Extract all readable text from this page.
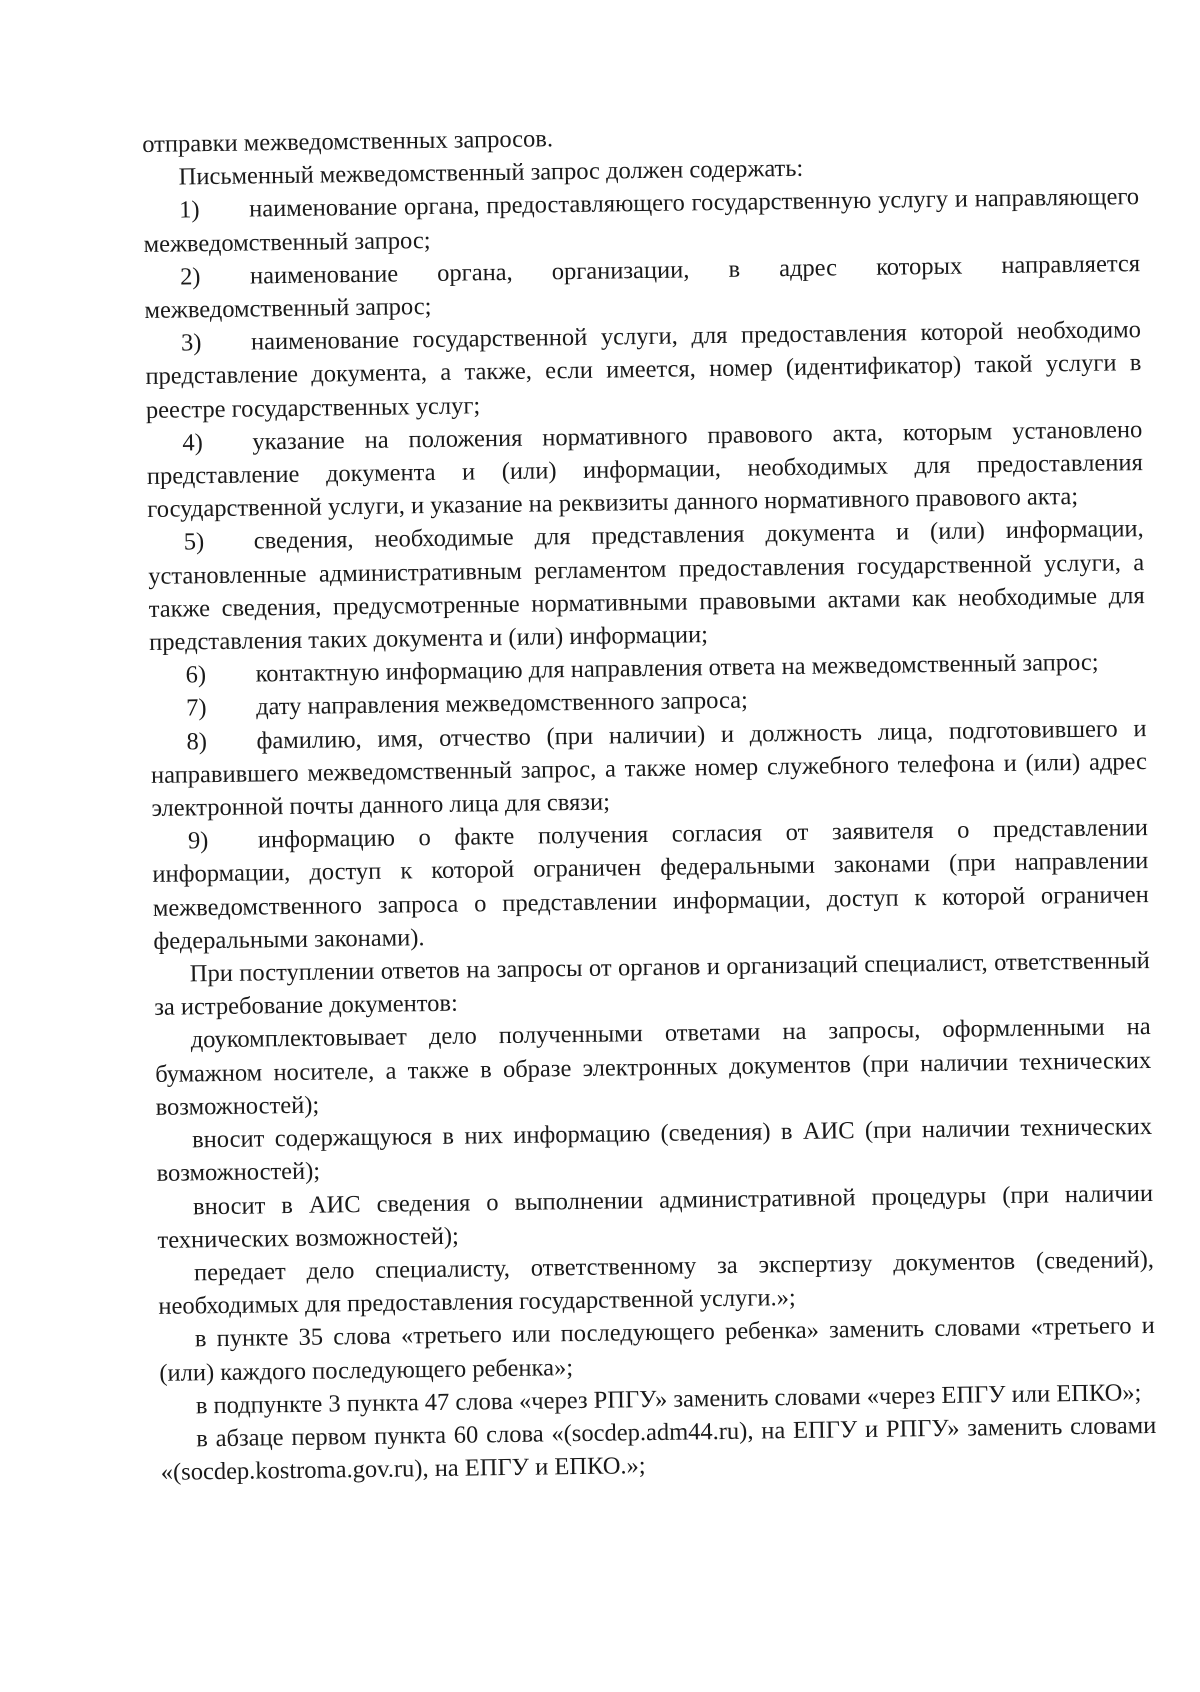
отправки межведомственных запросов.

Письменный межведомственный запрос должен содержать:

1) наименование органа, предоставляющего государственную услугу и направляющего межведомственный запрос;

2) наименование органа, организации, в адрес которых направляется межведомственный запрос;

3) наименование государственной услуги, для предоставления которой необходимо представление документа, а также, если имеется, номер (идентификатор) такой услуги в реестре государственных услуг;

4) указание на положения нормативного правового акта, которым установлено представление документа и (или) информации, необходимых для предоставления государственной услуги, и указание на реквизиты данного нормативного правового акта;

5) сведения, необходимые для представления документа и (или) информации, установленные административным регламентом предоставления государственной услуги, а также сведения, предусмотренные нормативными правовыми актами как необходимые для представления таких документа и (или) информации;

6) контактную информацию для направления ответа на межведомственный запрос;

7) дату направления межведомственного запроса;

8) фамилию, имя, отчество (при наличии) и должность лица, подготовившего и направившего межведомственный запрос, а также номер служебного телефона и (или) адрес электронной почты данного лица для связи;

9) информацию о факте получения согласия от заявителя о представлении информации, доступ к которой ограничен федеральными законами (при направлении межведомственного запроса о представлении информации, доступ к которой ограничен федеральными законами).

При поступлении ответов на запросы от органов и организаций специалист, ответственный за истребование документов:

доукомплектовывает дело полученными ответами на запросы, оформленными на бумажном носителе, а также в образе электронных документов (при наличии технических возможностей);

вносит содержащуюся в них информацию (сведения) в АИС (при наличии технических возможностей);

вносит в АИС сведения о выполнении административной процедуры (при наличии технических возможностей);

передает дело специалисту, ответственному за экспертизу документов (сведений), необходимых для предоставления государственной услуги.»;

в пункте 35 слова «третьего или последующего ребенка» заменить словами «третьего и (или) каждого последующего ребенка»;

в подпункте 3 пункта 47 слова «через РПГУ» заменить словами «через ЕПГУ или ЕПКО»;

в абзаце первом пункта 60 слова «(socdep.adm44.ru), на ЕПГУ и РПГУ» заменить словами «(socdep.kostroma.gov.ru), на ЕПГУ и ЕПКО.»;
